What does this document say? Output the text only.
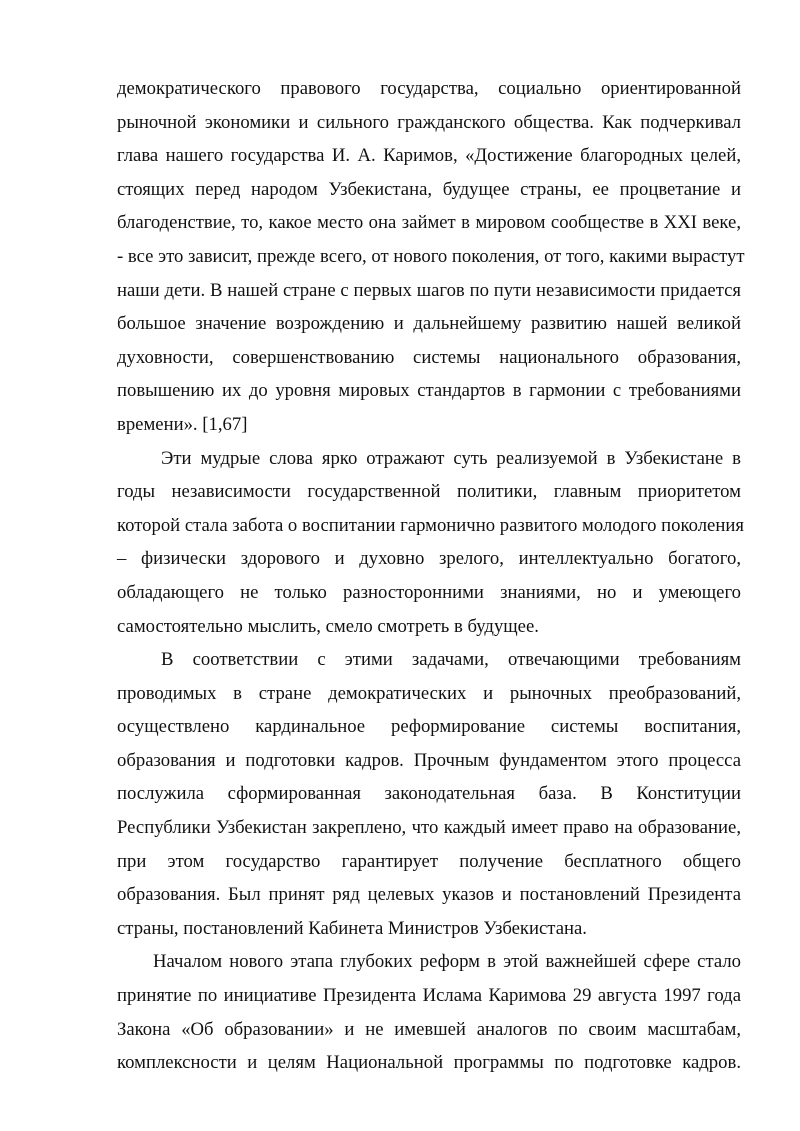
демократического правового государства, социально ориентированной
рыночной экономики и сильного гражданского общества. Как подчеркивал
глава нашего государства И. А. Каримов, «Достижение благородных целей,
стоящих перед народом Узбекистана, будущее страны, ее процветание и
благоденствие, то, какое место она займет в мировом сообществе в XXI веке,
- все это зависит, прежде всего, от нового поколения, от того, какими вырастут
наши дети. В нашей стране с первых шагов по пути независимости придается
большое значение возрождению и дальнейшему развитию нашей великой
духовности, совершенствованию системы национального образования,
повышению их до уровня мировых стандартов в гармонии с требованиями
времени». [1,67]
Эти мудрые слова ярко отражают суть реализуемой в Узбекистане в
годы независимости государственной политики, главным приоритетом
которой стала забота о воспитании гармонично развитого молодого поколения
– физически здорового и духовно зрелого, интеллектуально богатого,
обладающего не только разносторонними знаниями, но и умеющего
самостоятельно мыслить, смело смотреть в будущее.
В соответствии с этими задачами, отвечающими требованиям
проводимых в стране демократических и рыночных преобразований,
осуществлено кардинальное реформирование системы воспитания,
образования и подготовки кадров. Прочным фундаментом этого процесса
послужила сформированная законодательная база. В Конституции
Республики Узбекистан закреплено, что каждый имеет право на образование,
при этом государство гарантирует получение бесплатного общего
образования. Был принят ряд целевых указов и постановлений Президента
страны, постановлений Кабинета Министров Узбекистана.
Началом нового этапа глубоких реформ в этой важнейшей сфере стало
принятие по инициативе Президента Ислама Каримова 29 августа 1997 года
Закона «Об образовании» и не имевшей аналогов по своим масштабам,
комплексности и целям Национальной программы по подготовке кадров.
